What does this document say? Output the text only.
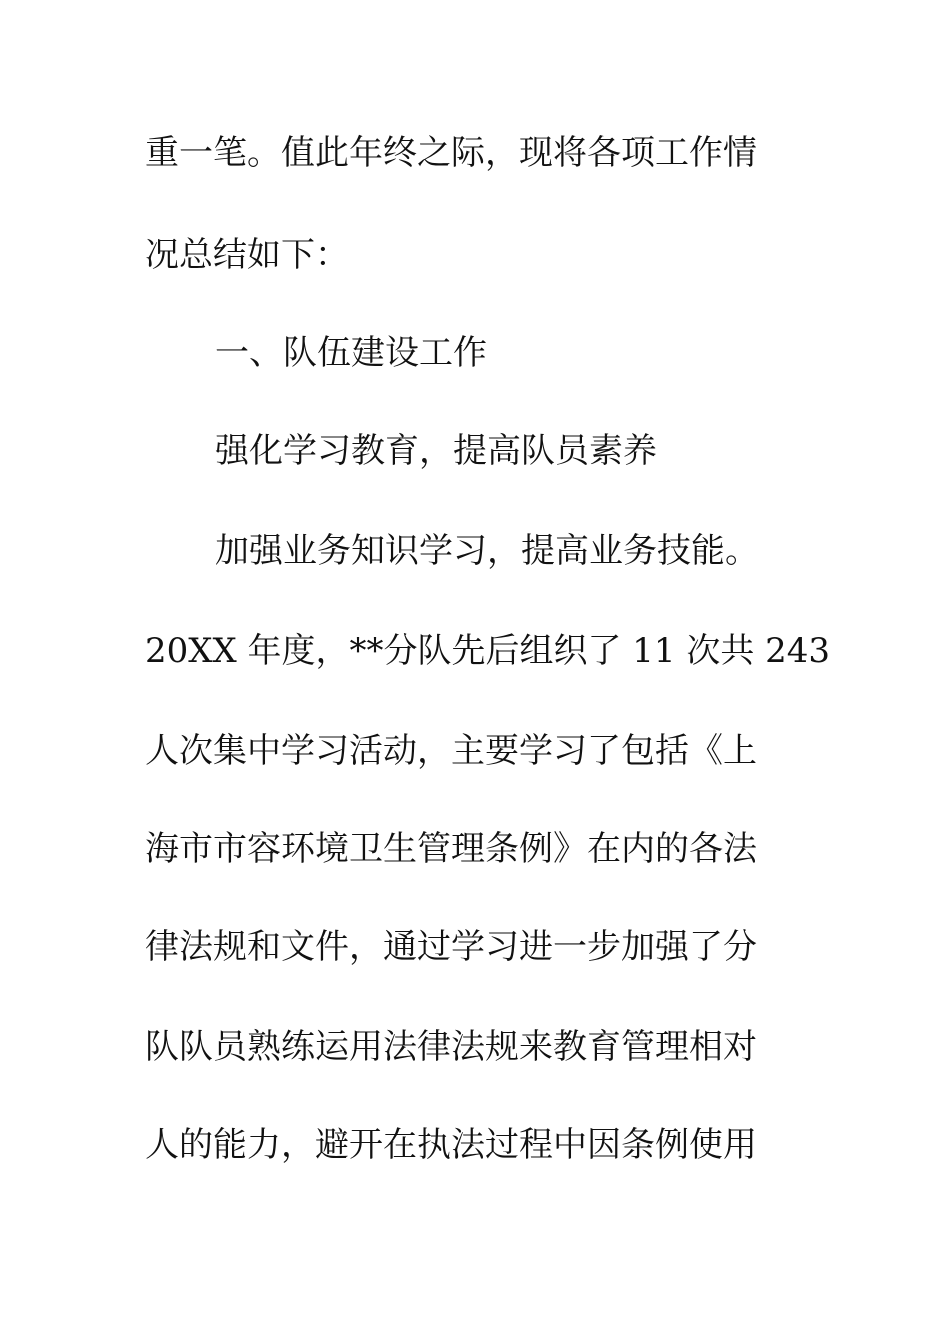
重一笔。值此年终之际，现将各项工作情
况总结如下：
一、队伍建设工作
强化学习教育，提高队员素养
加强业务知识学习，提高业务技能。
20XX 年度，**分队先后组织了 11 次共 243
人次集中学习活动，主要学习了包括《上
海市市容环境卫生管理条例》在内的各法
律法规和文件，通过学习进一步加强了分
队队员熟练运用法律法规来教育管理相对
人的能力，避开在执法过程中因条例使用
